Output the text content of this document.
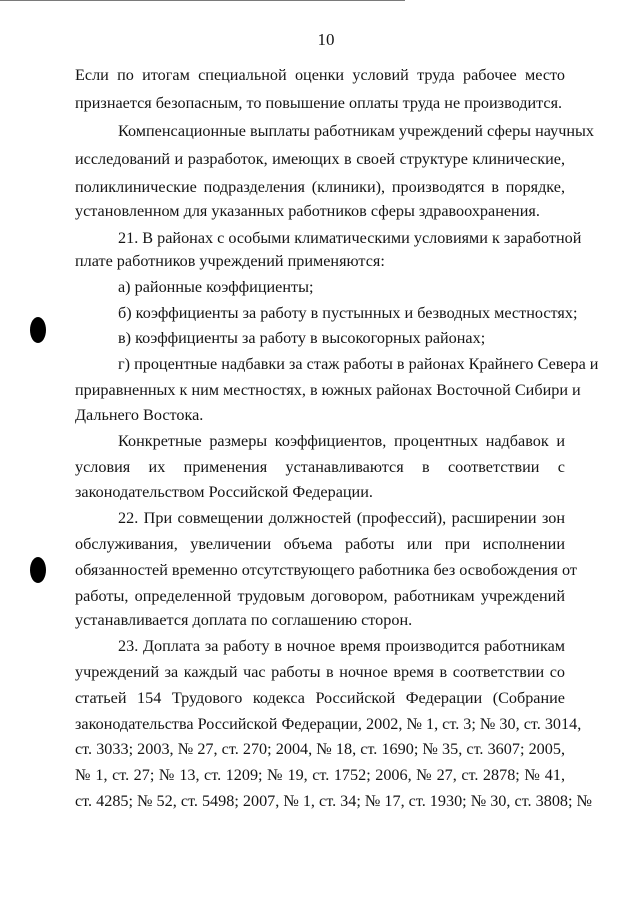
10
Если по итогам специальной оценки условий труда рабочее место
признается безопасным, то повышение оплаты труда не производится.
Компенсационные выплаты работникам учреждений сферы научных
исследований и разработок, имеющих в своей структуре клинические,
поликлинические подразделения (клиники), производятся в порядке,
установленном для указанных работников сферы здравоохранения.
21. В районах с особыми климатическими условиями к заработной
плате работников учреждений применяются:
а) районные коэффициенты;
б) коэффициенты за работу в пустынных и безводных местностях;
в) коэффициенты за работу в высокогорных районах;
г) процентные надбавки за стаж работы в районах Крайнего Севера и
приравненных к ним местностях, в южных районах Восточной Сибири и
Дальнего Востока.
Конкретные размеры коэффициентов, процентных надбавок и
условия их применения устанавливаются в соответствии с
законодательством Российской Федерации.
22. При совмещении должностей (профессий), расширении зон
обслуживания, увеличении объема работы или при исполнении
обязанностей временно отсутствующего работника без освобождения от
работы, определенной трудовым договором, работникам учреждений
устанавливается доплата по соглашению сторон.
23. Доплата за работу в ночное время производится работникам
учреждений за каждый час работы в ночное время в соответствии со
статьей 154 Трудового кодекса Российской Федерации (Собрание
законодательства Российской Федерации, 2002, № 1, ст. 3; № 30, ст. 3014,
ст. 3033; 2003, № 27, ст. 270; 2004, № 18, ст. 1690; № 35, ст. 3607; 2005,
№ 1, ст. 27; № 13, ст. 1209; № 19, ст. 1752; 2006, № 27, ст. 2878; № 41,
ст. 4285; № 52, ст. 5498; 2007, № 1, ст. 34; № 17, ст. 1930; № 30, ст. 3808; №
